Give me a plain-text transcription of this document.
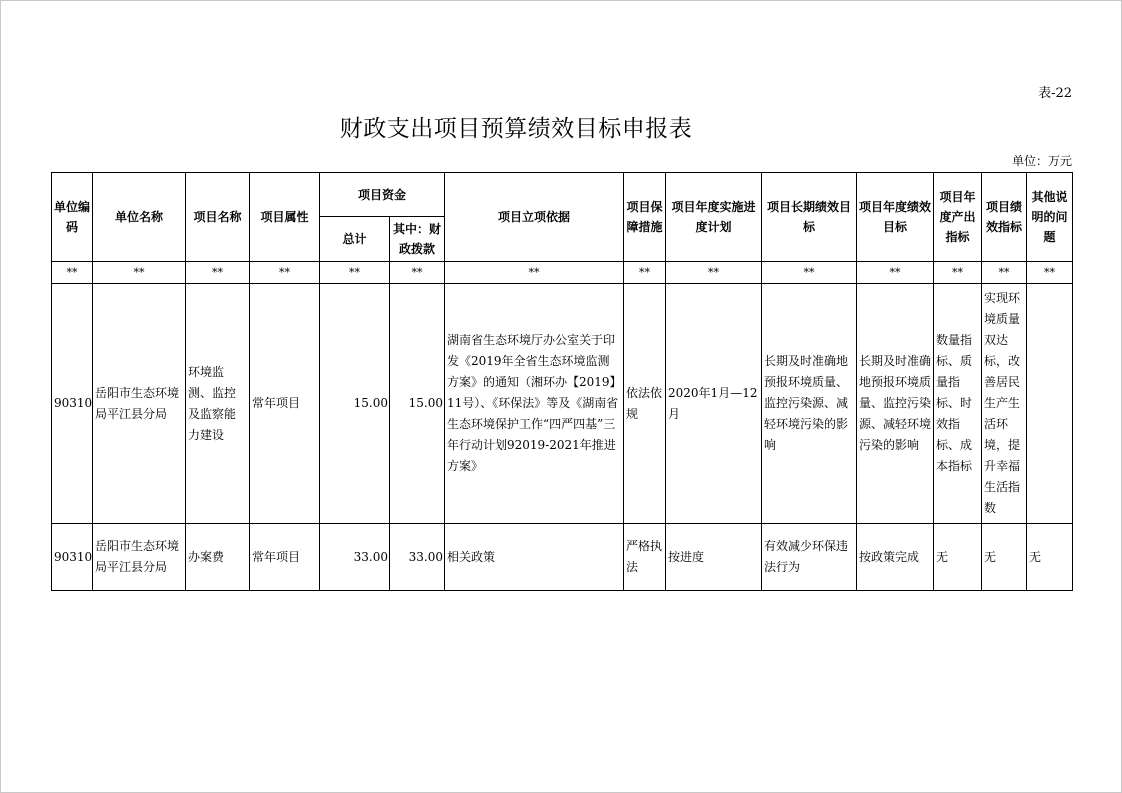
表-22
财政支出项目预算绩效目标申报表
单位：万元
单位编码	单位名称	项目名称	项目属性	项目资金		项目立项依据	项目保障措施	项目年度实施进度计划	项目长期绩效目标	项目年度绩效目标	项目年度产出指标	项目绩效指标	其他说明的问题
				总计	其中：财政拨款								
**	**	**	**	**	**	**	**	**	**	**	**	**	**
90310	岳阳市生态环境局平江县分局	环境监测、监控及监察能力建设	常年项目	15.00	15.00	湖南省生态环境厅办公室关于印发《2019年全省生态环境监测方案》的通知（湘环办【2019】11号）、《环保法》等及《湖南省生态环境保护工作“四严四基”三年行动计划92019-2021年推进方案》	依法依规	2020年1月—12月	长期及时准确地预报环境质量、监控污染源、减轻环境污染的影响	长期及时准确地预报环境质量、监控污染源、减轻环境污染的影响	数量指标、质量指标、时效指标、成本指标	实现环境质量双达标，改善居民生产生活环境，提升幸福生活指数	
90310	岳阳市生态环境局平江县分局	办案费	常年项目	33.00	33.00	相关政策	严格执法	按进度	有效减少环保违法行为	按政策完成	无	无	无
